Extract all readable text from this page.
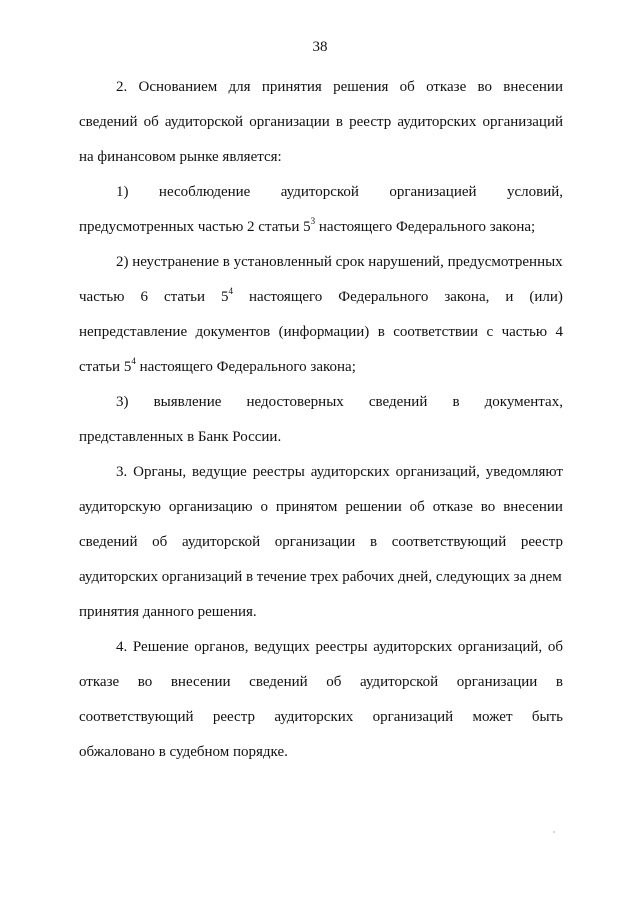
38
2. Основанием для принятия решения об отказе во внесении
сведений об аудиторской организации в реестр аудиторских организаций
на финансовом рынке является:
1) несоблюдение аудиторской организацией условий,
предусмотренных частью 2 статьи $5^3$ настоящего Федерального закона;
2) неустранение в установленный срок нарушений, предусмотренных
частью 6 статьи $5^4$ настоящего Федерального закона, и (или)
непредставление документов (информации) в соответствии с частью 4
статьи $5^4$ настоящего Федерального закона;
3) выявление недостоверных сведений в документах,
представленных в Банк России.
3. Органы, ведущие реестры аудиторских организаций, уведомляют
аудиторскую организацию о принятом решении об отказе во внесении
сведений об аудиторской организации в соответствующий реестр
аудиторских организаций в течение трех рабочих дней, следующих за днем
принятия данного решения.
4. Решение органов, ведущих реестры аудиторских организаций, об
отказе во внесении сведений об аудиторской организации в
соответствующий реестр аудиторских организаций может быть
обжаловано в судебном порядке.
